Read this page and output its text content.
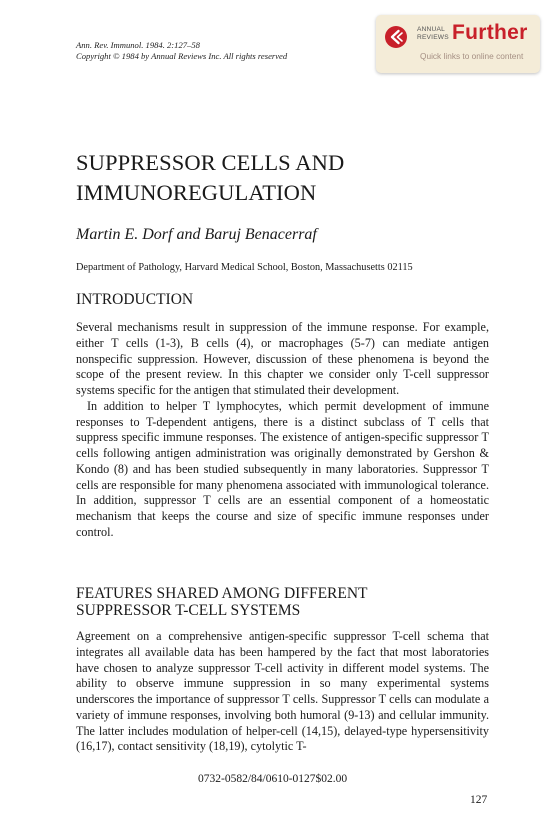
Ann. Rev. Immunol. 1984. 2:127–58
Copyright © 1984 by Annual Reviews Inc. All rights reserved
ANNUAL
REVIEWS Further
Quick links to online content
SUPPRESSOR CELLS AND
IMMUNOREGULATION
Martin E. Dorf and Baruj Benacerraf
Department of Pathology, Harvard Medical School, Boston, Massachusetts 02115
INTRODUCTION

Several mechanisms result in suppression of the immune response. For example, either T cells (1-3), B cells (4), or macrophages (5-7) can mediate antigen nonspecific suppression. However, discussion of these phenomena is beyond the scope of the present review. In this chapter we consider only T-cell suppressor systems specific for the antigen that stimulated their development.

In addition to helper T lymphocytes, which permit development of immune responses to T-dependent antigens, there is a distinct subclass of T cells that suppress specific immune responses. The existence of antigen-specific suppressor T cells following antigen administration was originally demonstrated by Gershon & Kondo (8) and has been studied subsequently in many laboratories. Suppressor T cells are responsible for many phenomena associated with immunological tolerance. In addition, suppressor T cells are an essential component of a homeostatic mechanism that keeps the course and size of specific immune responses under control.

FEATURES SHARED AMONG DIFFERENT
SUPPRESSOR T-CELL SYSTEMS

Agreement on a comprehensive antigen-specific suppressor T-cell schema that integrates all available data has been hampered by the fact that most laboratories have chosen to analyze suppressor T-cell activity in different model systems. The ability to observe immune suppression in so many experimental systems underscores the importance of suppressor T cells. Suppressor T cells can modulate a variety of immune responses, involving both humoral (9-13) and cellular immunity. The latter includes modulation of helper-cell (14,15), delayed-type hypersensitivity (16,17), contact sensitivity (18,19), cytolytic T-

0732-0582/84/0610-0127$02.00
127
